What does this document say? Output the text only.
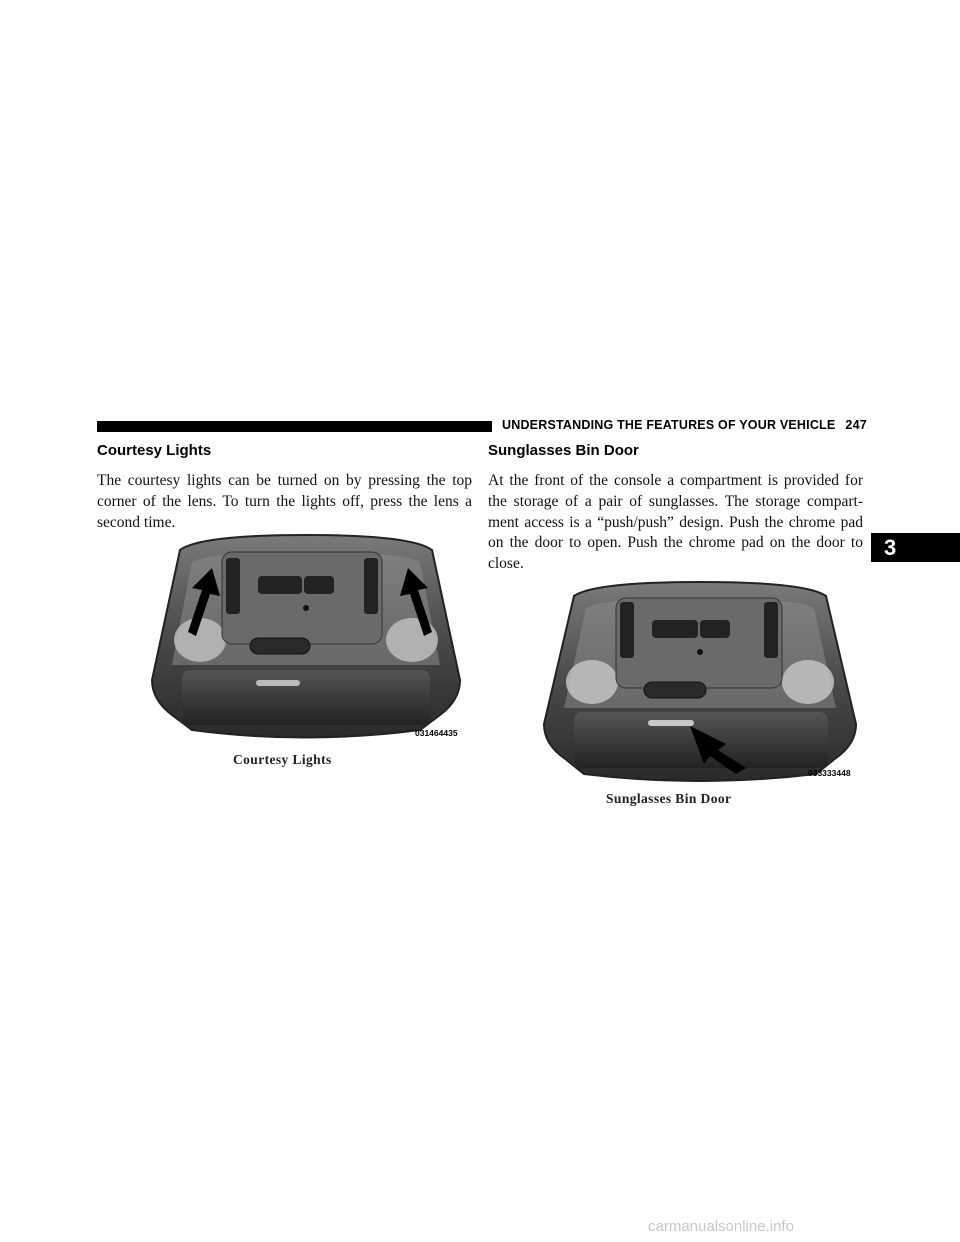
UNDERSTANDING THE FEATURES OF YOUR VEHICLE 247
3
Courtesy Lights

The courtesy lights can be turned on by pressing the top corner of the lens. To turn the lights off, press the lens a second time.

Sunglasses Bin Door

At the front of the console a compartment is provided for the storage of a pair of sunglasses. The storage compart-ment access is a “push/push” design. Push the chrome pad on the door to open. Push the chrome pad on the door to close.

031464435
Courtesy Lights
033333448
Sunglasses Bin Door
carmanualsonline.info
